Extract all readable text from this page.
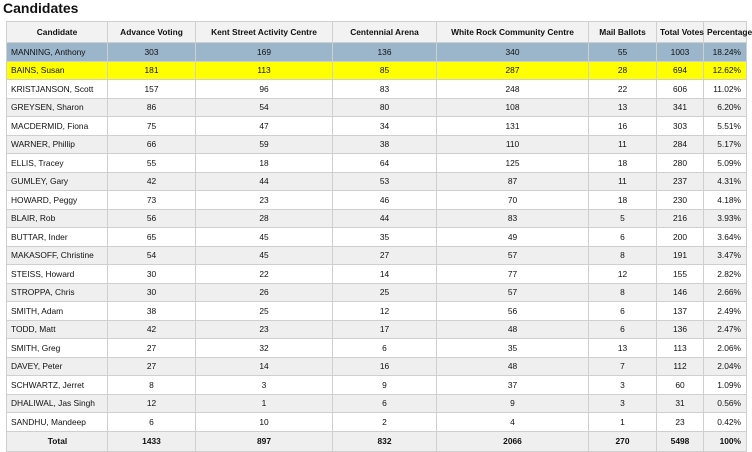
Candidates
Candidate	Advance Voting	Kent Street Activity Centre	Centennial Arena	White Rock Community Centre	Mail Ballots	Total Votes	Percentage
MANNING, Anthony	303	169	136	340	55	1003	18.24%
BAINS, Susan	181	113	85	287	28	694	12.62%
KRISTJANSON, Scott	157	96	83	248	22	606	11.02%
GREYSEN, Sharon	86	54	80	108	13	341	6.20%
MACDERMID, Fiona	75	47	34	131	16	303	5.51%
WARNER, Phillip	66	59	38	110	11	284	5.17%
ELLIS, Tracey	55	18	64	125	18	280	5.09%
GUMLEY, Gary	42	44	53	87	11	237	4.31%
HOWARD, Peggy	73	23	46	70	18	230	4.18%
BLAIR, Rob	56	28	44	83	5	216	3.93%
BUTTAR, Inder	65	45	35	49	6	200	3.64%
MAKASOFF, Christine	54	45	27	57	8	191	3.47%
STEISS, Howard	30	22	14	77	12	155	2.82%
STROPPA, Chris	30	26	25	57	8	146	2.66%
SMITH, Adam	38	25	12	56	6	137	2.49%
TODD, Matt	42	23	17	48	6	136	2.47%
SMITH, Greg	27	32	6	35	13	113	2.06%
DAVEY, Peter	27	14	16	48	7	112	2.04%
SCHWARTZ, Jerret	8	3	9	37	3	60	1.09%
DHALIWAL, Jas Singh	12	1	6	9	3	31	0.56%
SANDHU, Mandeep	6	10	2	4	1	23	0.42%
Total	1433	897	832	2066	270	5498	100%
